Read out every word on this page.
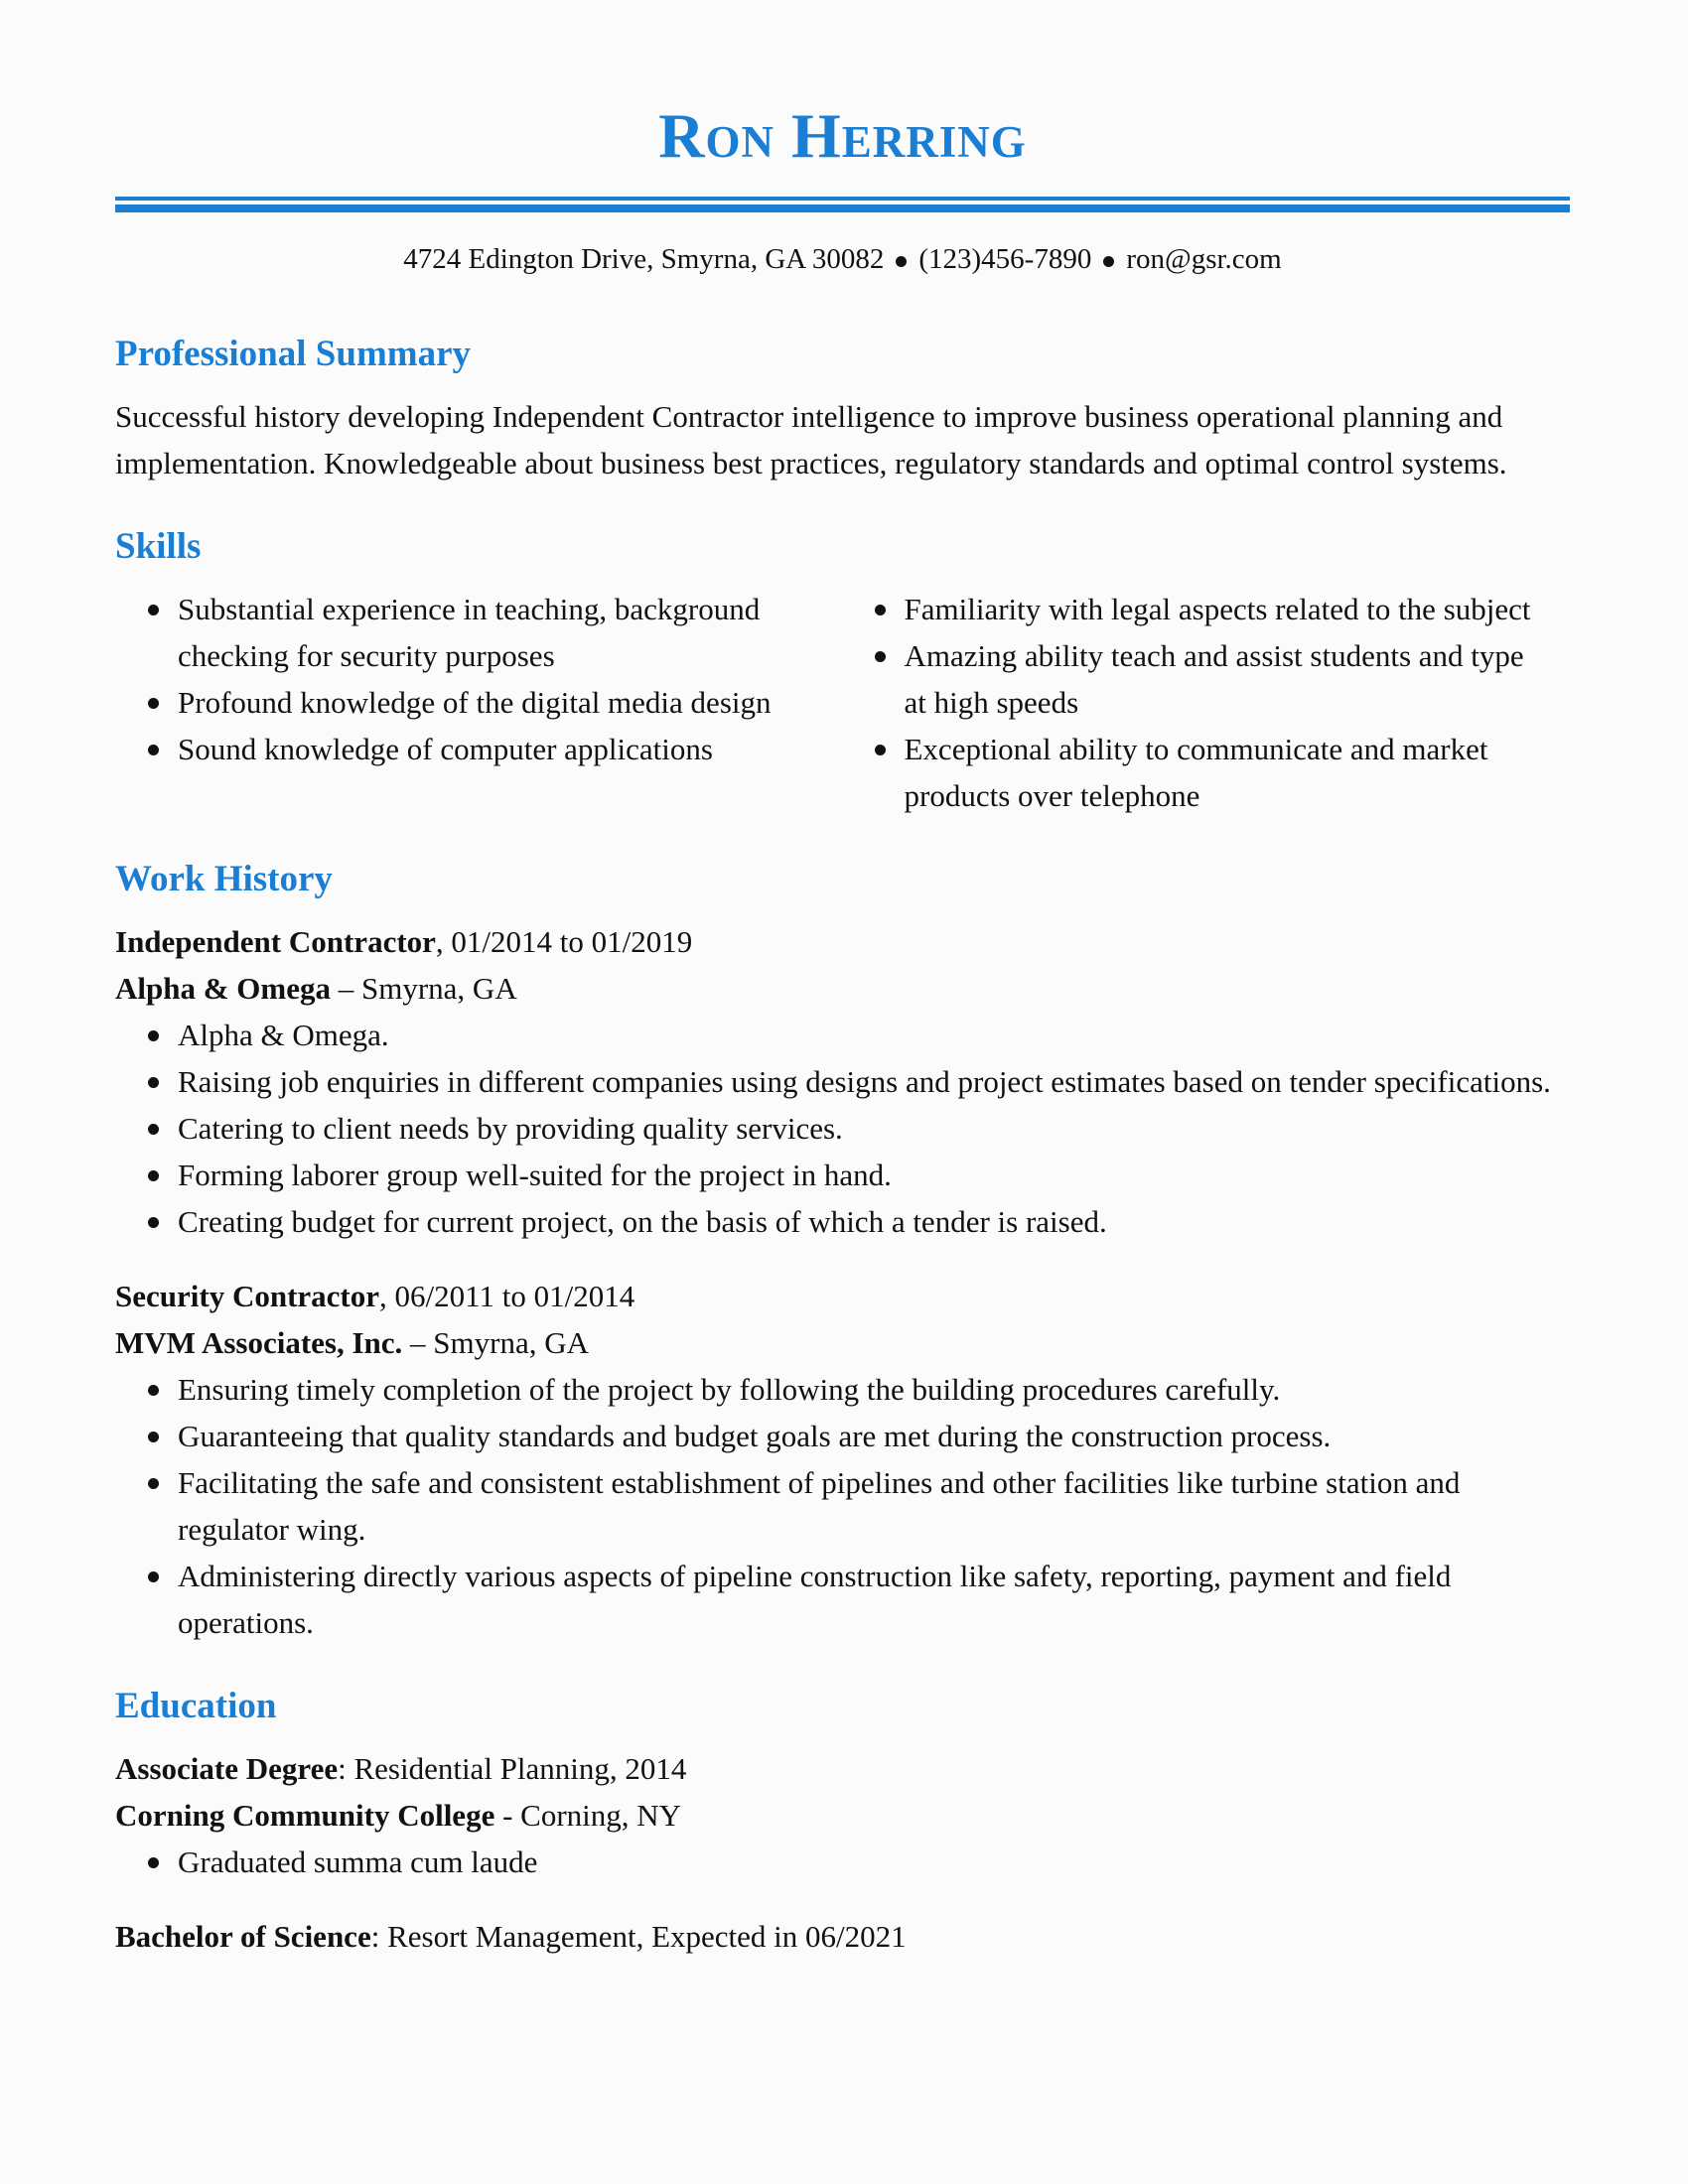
Ron Herring
4724 Edington Drive, Smyrna, GA 30082 (123)456-7890 ron@gsr.com
Professional Summary

Successful history developing Independent Contractor intelligence to improve business operational planning and implementation. Knowledgeable about business best practices, regulatory standards and optimal control systems.

Skills
Substantial experience in teaching, background checking for security purposes
Profound knowledge of the digital media design
Sound knowledge of computer applications
Familiarity with legal aspects related to the subject
Amazing ability teach and assist students and type at high speeds
Exceptional ability to communicate and market products over telephone
Work History
Independent Contractor, 01/2014 to 01/2019
Alpha & Omega – Smyrna, GA
Alpha & Omega.
Raising job enquiries in different companies using designs and project estimates based on tender specifications.
Catering to client needs by providing quality services.
Forming laborer group well-suited for the project in hand.
Creating budget for current project, on the basis of which a tender is raised.
Security Contractor, 06/2011 to 01/2014
MVM Associates, Inc. – Smyrna, GA
Ensuring timely completion of the project by following the building procedures carefully.
Guaranteeing that quality standards and budget goals are met during the construction process.
Facilitating the safe and consistent establishment of pipelines and other facilities like turbine station and regulator wing.
Administering directly various aspects of pipeline construction like safety, reporting, payment and field operations.
Education
Associate Degree: Residential Planning, 2014
Corning Community College - Corning, NY
Graduated summa cum laude
Bachelor of Science: Resort Management, Expected in 06/2021
